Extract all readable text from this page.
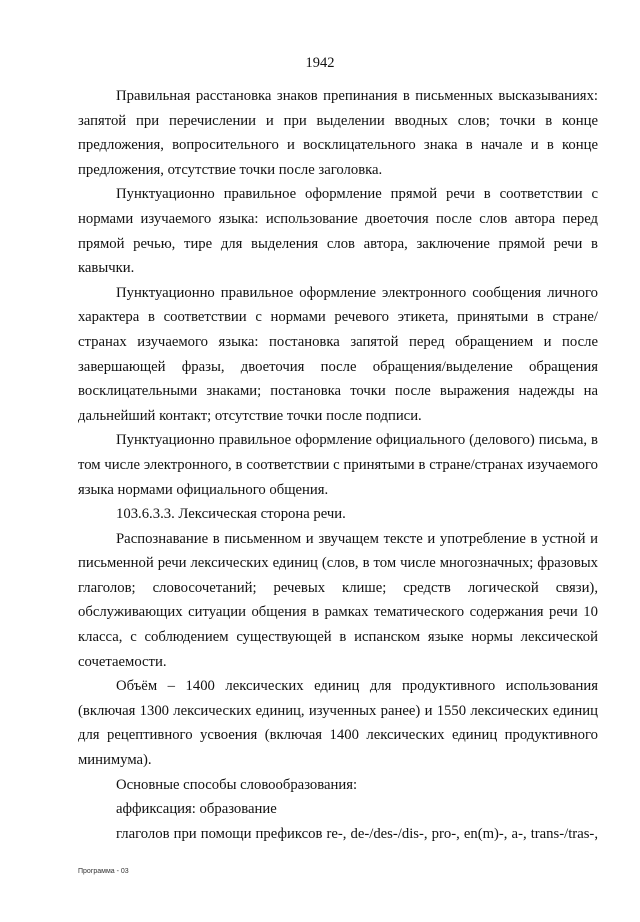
1942

Правильная расстановка знаков препинания в письменных высказываниях: запятой при перечислении и при выделении вводных слов; точки в конце предложения, вопросительного и восклицательного знака в начале и в конце предложения, отсутствие точки после заголовка.

Пунктуационно правильное оформление прямой речи в соответствии с нормами изучаемого языка: использование двоеточия после слов автора перед прямой речью, тире для выделения слов автора, заключение прямой речи в кавычки.

Пунктуационно правильное оформление электронного сообщения личного характера в соответствии с нормами речевого этикета, принятыми в стране/странах изучаемого языка: постановка запятой перед обращением и после завершающей фразы, двоеточия после обращения/выделение обращения восклицательными знаками; постановка точки после выражения надежды на дальнейший контакт; отсутствие точки после подписи.

Пунктуационно правильное оформление официального (делового) письма, в том числе электронного, в соответствии с принятыми в стране/странах изучаемого языка нормами официального общения.

103.6.3.3. Лексическая сторона речи.

Распознавание в письменном и звучащем тексте и употребление в устной и письменной речи лексических единиц (слов, в том числе многозначных; фразовых глаголов; словосочетаний; речевых клише; средств логической связи), обслуживающих ситуации общения в рамках тематического содержания речи 10 класса, с соблюдением существующей в испанском языке нормы лексической сочетаемости.

Объём – 1400 лексических единиц для продуктивного использования (включая 1300 лексических единиц, изученных ранее) и 1550 лексических единиц для рецептивного усвоения (включая 1400 лексических единиц продуктивного минимума).

Основные способы словообразования:

аффиксация: образование

глаголов при помощи префиксов re-, de-/des-/dis-, pro-, en(m)-, a-, trans-/tras-,

Программа - 03
